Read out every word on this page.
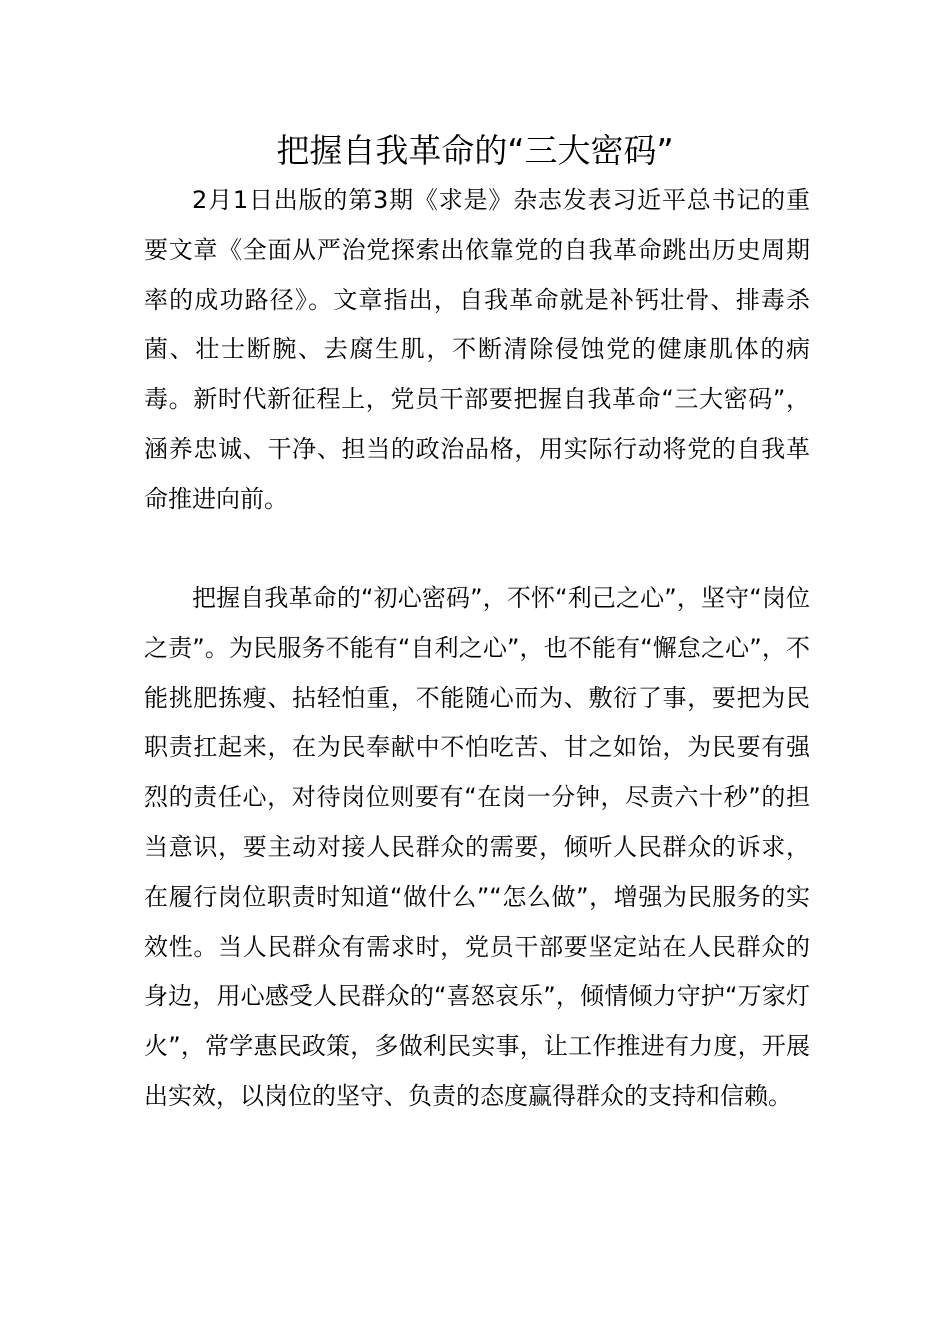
把握自我革命的“三大密码”

2月1日出版的第3期《求是》杂志发表习近平总书记的重要文章《全面从严治党探索出依靠党的自我革命跳出历史周期率的成功路径》。文章指出，自我革命就是补钙壮骨、排毒杀菌、壮士断腕、去腐生肌，不断清除侵蚀党的健康肌体的病毒。新时代新征程上，党员干部要把握自我革命“三大密码”，涵养忠诚、干净、担当的政治品格，用实际行动将党的自我革命推进向前。

把握自我革命的“初心密码”，不怀“利己之心”，坚守“岗位之责”。为民服务不能有“自利之心”，也不能有“懈怠之心”，不能挑肥拣瘦、拈轻怕重，不能随心而为、敷衍了事，要把为民职责扛起来，在为民奉献中不怕吃苦、甘之如饴，为民要有强烈的责任心，对待岗位则要有“在岗一分钟，尽责六十秒”的担当意识，要主动对接人民群众的需要，倾听人民群众的诉求，在履行岗位职责时知道“做什么”“怎么做”，增强为民服务的实效性。当人民群众有需求时，党员干部要坚定站在人民群众的身边，用心感受人民群众的“喜怒哀乐”，倾情倾力守护“万家灯火”，常学惠民政策，多做利民实事，让工作推进有力度，开展出实效，以岗位的坚守、负责的态度赢得群众的支持和信赖。
